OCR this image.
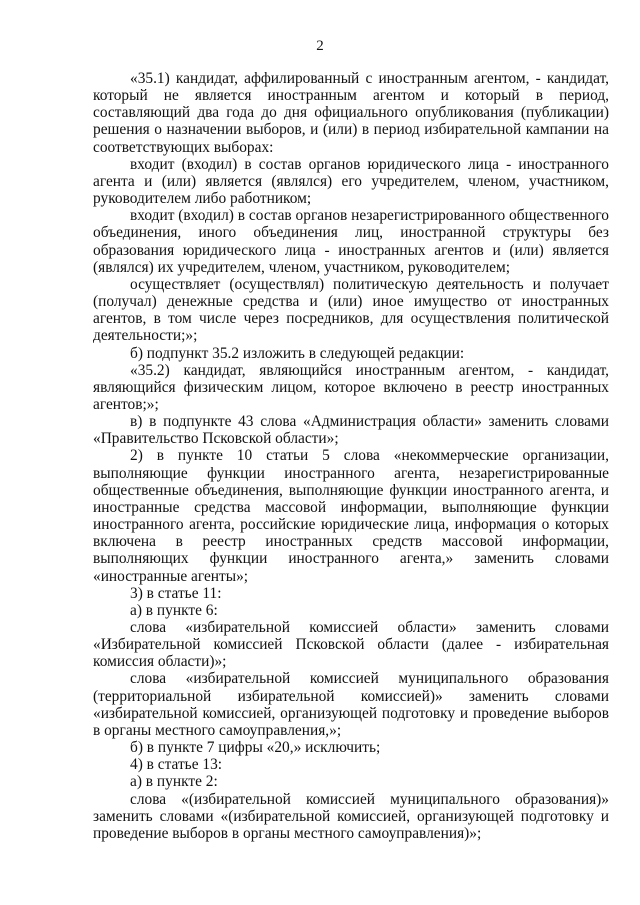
2

«35.1) кандидат, аффилированный с иностранным агентом, - кандидат, который не является иностранным агентом и который в период, составляющий два года до дня официального опубликования (публикации) решения о назначении выборов, и (или) в период избирательной кампании на соответствующих выборах:

входит (входил) в состав органов юридического лица - иностранного агента и (или) является (являлся) его учредителем, членом, участником, руководителем либо работником;

входит (входил) в состав органов незарегистрированного общественного объединения, иного объединения лиц, иностранной структуры без образования юридического лица - иностранных агентов и (или) является (являлся) их учредителем, членом, участником, руководителем;

осуществляет (осуществлял) политическую деятельность и получает (получал) денежные средства и (или) иное имущество от иностранных агентов, в том числе через посредников, для осуществления политической деятельности;»;

б) подпункт 35.2 изложить в следующей редакции:

«35.2) кандидат, являющийся иностранным агентом, - кандидат, являющийся физическим лицом, которое включено в реестр иностранных агентов;»;

в) в подпункте 43 слова «Администрация области» заменить словами «Правительство Псковской области»;

2) в пункте 10 статьи 5 слова «некоммерческие организации, выполняющие функции иностранного агента, незарегистрированные общественные объединения, выполняющие функции иностранного агента, и иностранные средства массовой информации, выполняющие функции иностранного агента, российские юридические лица, информация о которых включена в реестр иностранных средств массовой информации, выполняющих функции иностранного агента,» заменить словами «иностранные агенты»;

3) в статье 11:

а) в пункте 6:

слова «избирательной комиссией области» заменить словами «Избирательной комиссией Псковской области (далее - избирательная комиссия области)»;

слова «избирательной комиссией муниципального образования (территориальной избирательной комиссией)» заменить словами «избирательной комиссией, организующей подготовку и проведение выборов в органы местного самоуправления,»;

б) в пункте 7 цифры «20,» исключить;

4) в статье 13:

а) в пункте 2:

слова «(избирательной комиссией муниципального образования)» заменить словами «(избирательной комиссией, организующей подготовку и проведение выборов в органы местного самоуправления)»;
